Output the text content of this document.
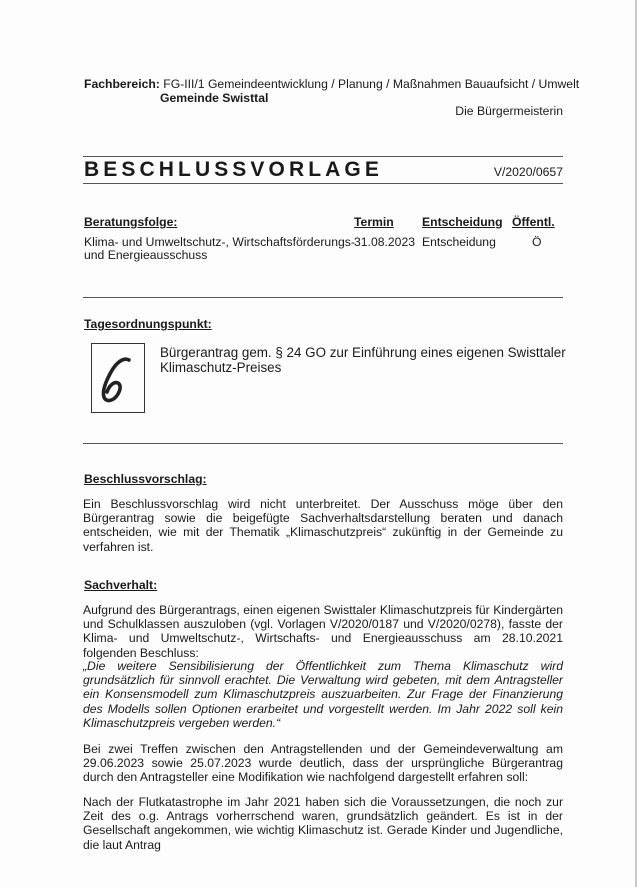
Fachbereich: FG-III/1 Gemeindeentwicklung / Planung / Maßnahmen Bauaufsicht / Umwelt
Gemeinde Swisttal
Die Bürgermeisterin
BESCHLUSSVORLAGE	V/2020/0657
Beratungsfolge:	Termin Entscheidung Öffentl.
Klima- und Umweltschutz-, Wirtschaftsförderungs-
und Energieausschuss
31.08.2023 Entscheidung	Ö
Tagesordnungspunkt:
Bürgerantrag gem. § 24 GO zur Einführung eines eigenen Swisttaler
Klimaschutz-Preises
Beschlussvorschlag:
Ein Beschlussvorschlag wird nicht unterbreitet. Der Ausschuss möge über den Bürgerantrag sowie die beigefügte Sachverhaltsdarstellung beraten und danach entscheiden, wie mit der Thematik „Klimaschutzpreis“ zukünftig in der Gemeinde zu verfahren ist.
Sachverhalt:
Aufgrund des Bürgerantrags, einen eigenen Swisttaler Klimaschutzpreis für Kindergärten und Schulklassen auszuloben (vgl. Vorlagen V/2020/0187 und V/2020/0278), fasste der Klima- und Umweltschutz-, Wirtschafts- und Energieausschuss am 28.10.2021 folgenden Beschluss:
„Die weitere Sensibilisierung der Öffentlichkeit zum Thema Klimaschutz wird grundsätzlich für sinnvoll erachtet. Die Verwaltung wird gebeten, mit dem Antragsteller ein Konsensmodell zum Klimaschutzpreis auszuarbeiten. Zur Frage der Finanzierung des Modells sollen Optionen erarbeitet und vorgestellt werden. Im Jahr 2022 soll kein Klimaschutzpreis vergeben werden.“
Bei zwei Treffen zwischen den Antragstellenden und der Gemeindeverwaltung am 29.06.2023 sowie 25.07.2023 wurde deutlich, dass der ursprüngliche Bürgerantrag durch den Antragsteller eine Modifikation wie nachfolgend dargestellt erfahren soll:
Nach der Flutkatastrophe im Jahr 2021 haben sich die Voraussetzungen, die noch zur Zeit des o.g. Antrags vorherrschend waren, grundsätzlich geändert. Es ist in der Gesellschaft angekommen, wie wichtig Klimaschutz ist. Gerade Kinder und Jugendliche, die laut Antrag
